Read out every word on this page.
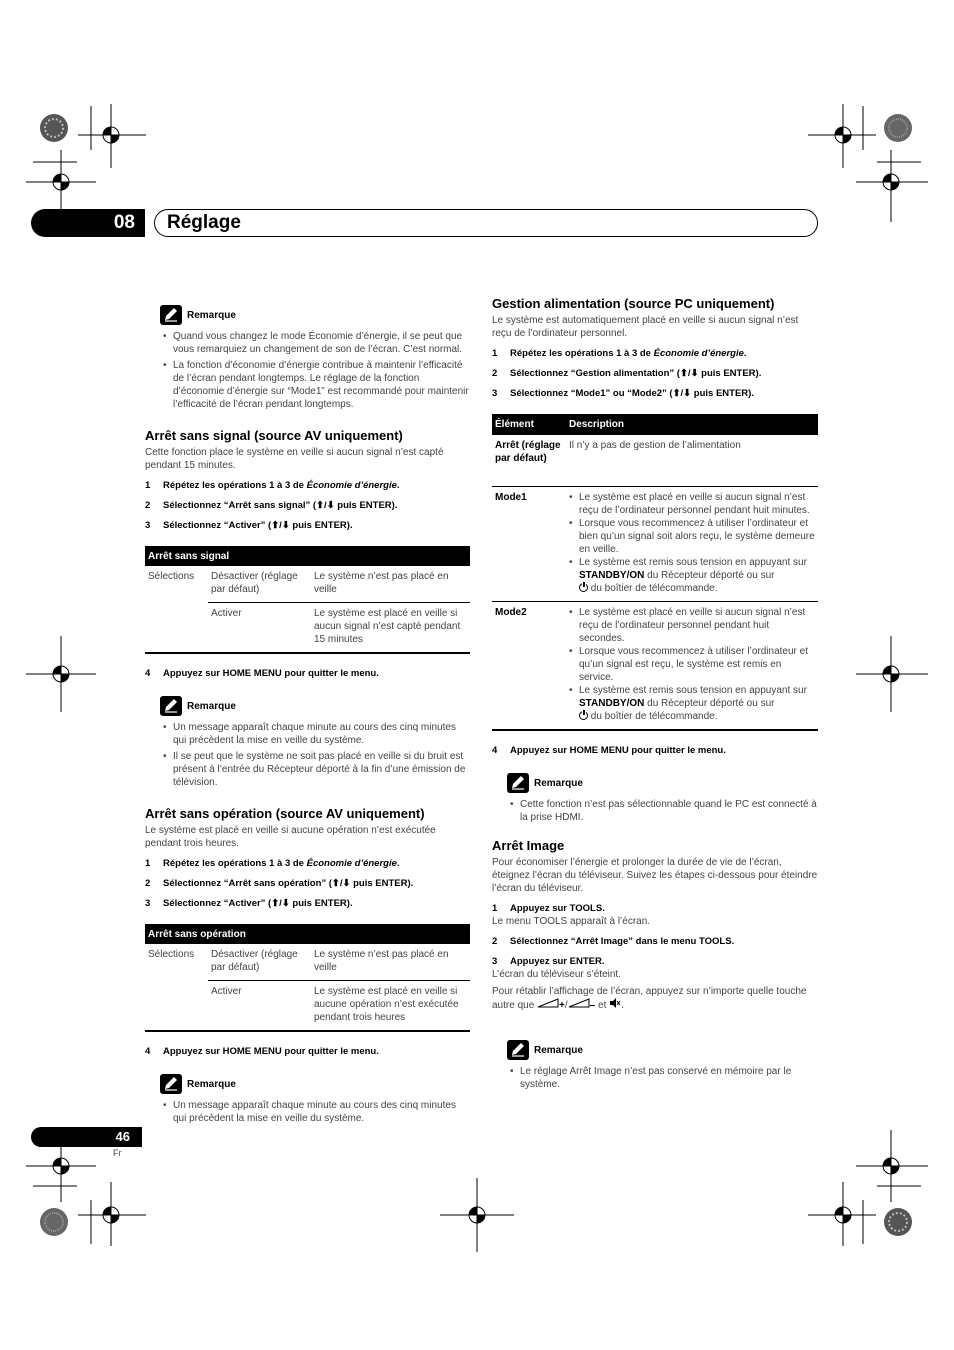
08	Réglage
Remarque
• Quand vous changez le mode Économie d’énergie, il se peut que vous remarquiez un changement de son de l’écran. C’est normal.
• La fonction d’économie d’énergie contribue à maintenir l’efficacité de l’écran pendant longtemps. Le réglage de la fonction d’économie d’énergie sur “Mode1” est recommandé pour maintenir l’efficacité de l’écran pendant longtemps.
Arrêt sans signal (source AV uniquement)
Cette fonction place le système en veille si aucun signal n’est capté pendant 15 minutes.
1	Répétez les opérations 1 à 3 de Économie d’énergie.
2	Sélectionnez “Arrêt sans signal” (⬆/⬇ puis ENTER).
3	Sélectionnez “Activer” (⬆/⬇ puis ENTER).
Arrêt sans signal		
Sélections	Désactiver (réglage par défaut)	Le système n’est pas placé en veille
	Activer	Le système est placé en veille si aucun signal n’est capté pendant 15 minutes
4	Appuyez sur HOME MENU pour quitter le menu.
Remarque
• Un message apparaît chaque minute au cours des cinq minutes qui précèdent la mise en veille du système.
• Il se peut que le système ne soit pas placé en veille si du bruit est présent à l’entrée du Récepteur déporté à la fin d’une émission de télévision.
Arrêt sans opération (source AV uniquement)
Le système est placé en veille si aucune opération n’est exécutée pendant trois heures.
1	Répétez les opérations 1 à 3 de Économie d’énergie.
2	Sélectionnez “Arrêt sans opération” (⬆/⬇ puis ENTER).
3	Sélectionnez “Activer” (⬆/⬇ puis ENTER).
Arrêt sans opération		
Sélections	Désactiver (réglage par défaut)	Le système n’est pas placé en veille
	Activer	Le système est placé en veille si aucune opération n’est exécutée pendant trois heures
4	Appuyez sur HOME MENU pour quitter le menu.
Remarque
• Un message apparaît chaque minute au cours des cinq minutes qui précèdent la mise en veille du système.
Gestion alimentation (source PC uniquement)
Le système est automatiquement placé en veille si aucun signal n’est reçu de l’ordinateur personnel.
1	Répétez les opérations 1 à 3 de Économie d’énergie.
2	Sélectionnez “Gestion alimentation” (⬆/⬇ puis ENTER).
3	Sélectionnez “Mode1” ou “Mode2” (⬆/⬇ puis ENTER).
Élément	Description
Arrêt (réglage par défaut)	Il n’y a pas de gestion de l’alimentation
Mode1	• Le système est placé en veille si aucun signal n’est reçu de l’ordinateur personnel pendant huit minutes.
• Lorsque vous recommencez à utiliser l’ordinateur et bien qu’un signal soit alors reçu, le système demeure en veille.
• Le système est remis sous tension en appuyant sur STANDBY/ON du Récepteur déporté ou sur
du boîtier de télécommande.

Mode2	• Le système est placé en veille si aucun signal n’est reçu de l’ordinateur personnel pendant huit secondes.
• Lorsque vous recommencez à utiliser l’ordinateur et qu’un signal est reçu, le système est remis en service.
• Le système est remis sous tension en appuyant sur STANDBY/ON du Récepteur déporté ou sur
du boîtier de télécommande.
4	Appuyez sur HOME MENU pour quitter le menu.
Remarque
• Cette fonction n’est pas sélectionnable quand le PC est connecté à la prise HDMI.
Arrêt Image
Pour économiser l’énergie et prolonger la durée de vie de l’écran, éteignez l’écran du téléviseur. Suivez les étapes ci-dessous pour éteindre l’écran du téléviseur.
1	Appuyez sur TOOLS.
Le menu TOOLS apparaît à l’écran.
2	Sélectionnez “Arrêt Image” dans le menu TOOLS.
3	Appuyez sur ENTER.
L’écran du téléviseur s’éteint.
Pour rétablir l’affichage de l’écran, appuyez sur n’importe quelle touche autre que +/ – et .
Remarque
• Le réglage Arrêt Image n’est pas conservé en mémoire par le système.
46
Fr
